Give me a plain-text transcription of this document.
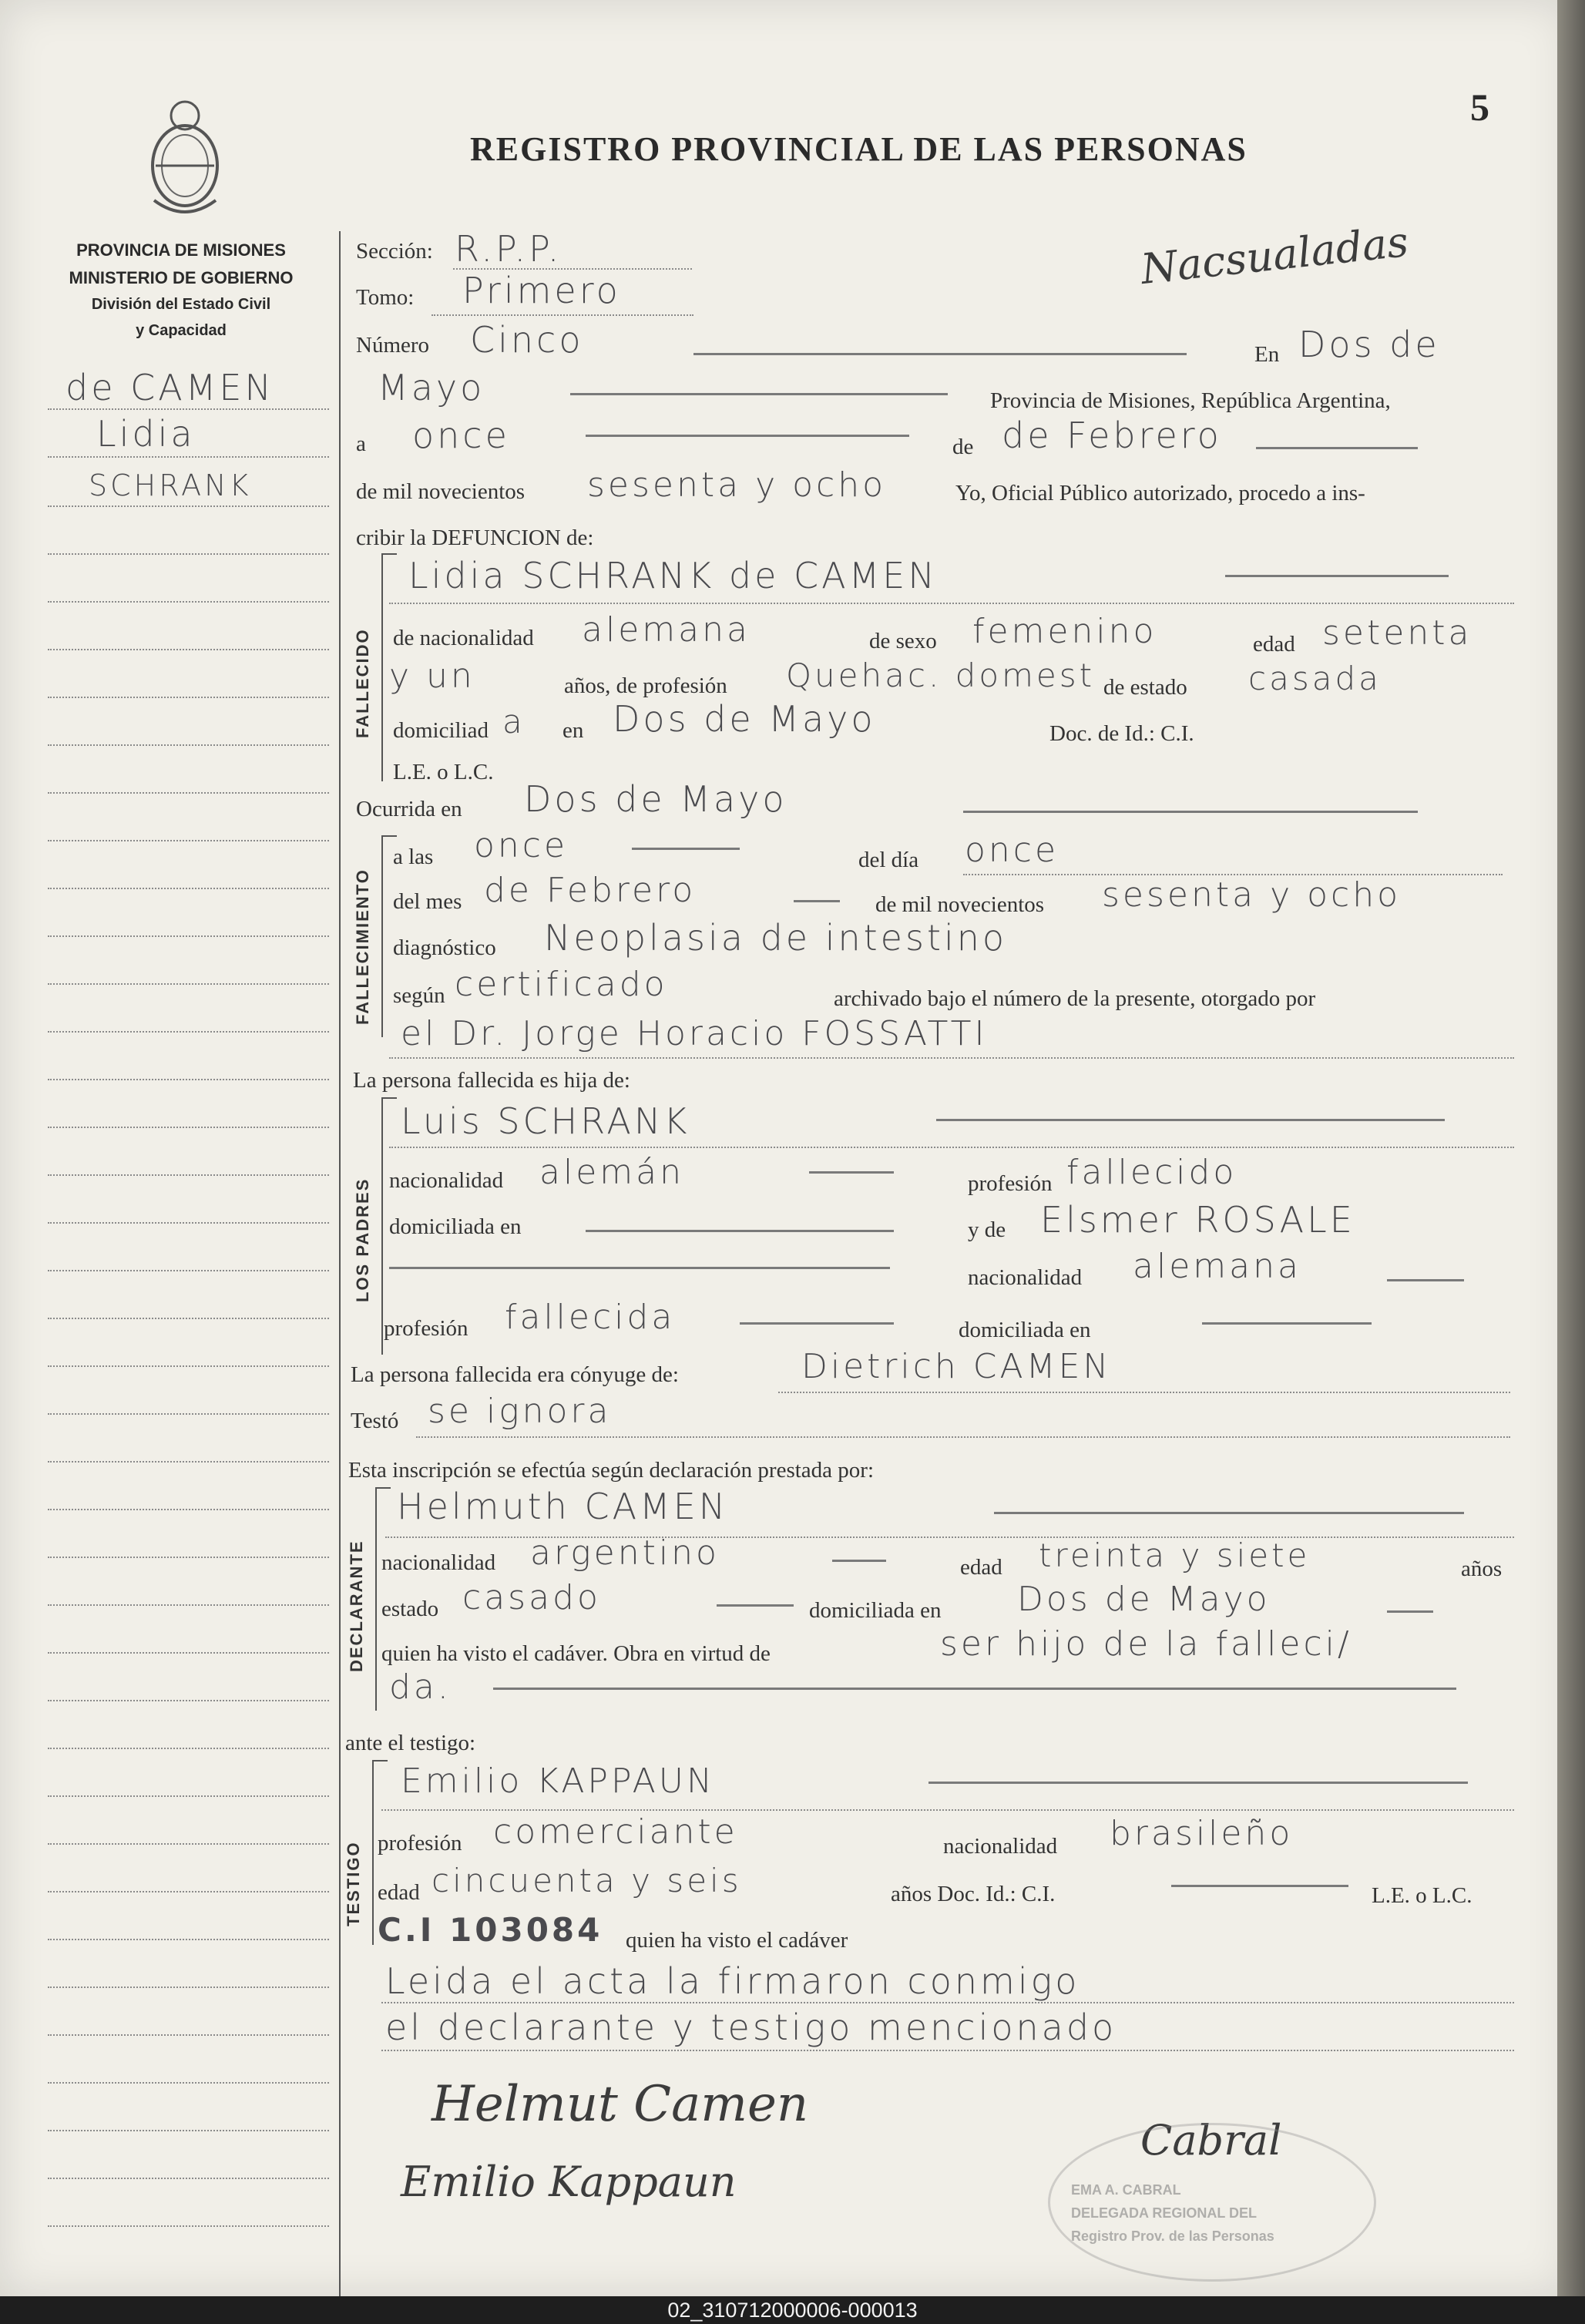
5
REGISTRO PROVINCIAL DE LAS PERSONAS
PROVINCIA DE MISIONES
MINISTERIO DE GOBIERNO
División del Estado Civil
y Capacidad
de CAMEN
Lidia
SCHRANK
Nacsualadas
Sección: R.P.P.
Tomo: Primero
Número Cinco	En Dos de
Mayo	Provincia de Misiones, República Argentina,
a once	de de Febrero
de mil novecientos sesenta y ocho	Yo, Oficial Público autorizado, procedo a ins-
cribir la DEFUNCION de:
FALLECIDO
Lidia SCHRANK de CAMEN
de nacionalidad alemana	de sexo femenino	edad setenta
y un	años, de profesión Quehac. domest de estado casada
domiciliad a en Dos de Mayo	Doc. de Id.: C.I.
L.E. o L.C.
Ocurrida en Dos de Mayo
FALLECIMIENTO
a las once	del día once
del mes de Febrero	de mil novecientos sesenta y ocho
diagnóstico Neoplasia de intestino
según certificado	archivado bajo el número de la presente, otorgado por
el Dr. Jorge Horacio FOSSATTI
La persona fallecida es hija de:
LOS PADRES
Luis SCHRANK
nacionalidad alemán	profesión fallecido
domiciliada en	y de Elsmer ROSALE
nacionalidad alemana
profesión fallecida	domiciliada en
La persona fallecida era cónyuge de:	Dietrich CAMEN
Testó se ignora
Esta inscripción se efectúa según declaración prestada por:
DECLARANTE
Helmuth CAMEN
nacionalidad argentino	edad treinta y siete	años
estado casado	domiciliada en Dos de Mayo
quien ha visto el cadáver. Obra en virtud de	ser hijo de la falleci/
da.
ante el testigo:
TESTIGO
Emilio KAPPAUN
profesión comerciante	nacionalidad brasileño
edad cincuenta y seis	años Doc. Id.: C.I.	L.E. o L.C.
C.I 103084 quien ha visto el cadáver
Leida el acta la firmaron conmigo
el declarante y testigo mencionado
Helmut Camen
Emilio Kappaun
Cabral
EMA A. CABRAL
DELEGADA REGIONAL DEL
Registro Prov. de las Personas
02_310712000006-000013
